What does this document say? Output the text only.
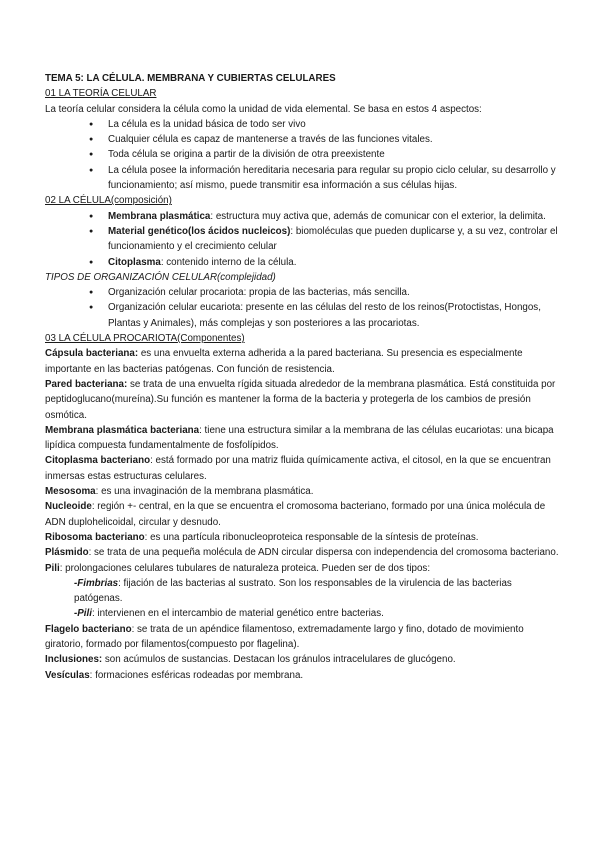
TEMA 5: LA CÉLULA. MEMBRANA Y CUBIERTAS CELULARES

01 LA TEORÍA CELULAR

La teoría celular considera la célula como la unidad de vida elemental. Se basa en estos 4 aspectos:

● La célula es la unidad básica de todo ser vivo
● Cualquier célula es capaz de mantenerse a través de las funciones vitales.
● Toda célula se origina a partir de la división de otra preexistente
● La célula posee la información hereditaria necesaria para regular su propio ciclo celular, su desarrollo y funcionamiento; así mismo, puede transmitir esa información a sus células hijas.

02 LA CÉLULA(composición)

● Membrana plasmática: estructura muy activa que, además de comunicar con el exterior, la delimita.
● Material genético(los ácidos nucleicos): biomoléculas que pueden duplicarse y, a su vez, controlar el funcionamiento y el crecimiento celular
● Citoplasma: contenido interno de la célula.

TIPOS DE ORGANIZACIÓN CELULAR(complejidad)

● Organización celular procariota: propia de las bacterias, más sencilla.
● Organización celular eucariota: presente en las células del resto de los reinos(Protoctistas, Hongos, Plantas y Animales), más complejas y son posteriores a las procariotas.

03 LA CÉLULA PROCARIOTA(Componentes)

Cápsula bacteriana: es una envuelta externa adherida a la pared bacteriana. Su presencia es especialmente importante en las bacterias patógenas. Con función de resistencia.

Pared bacteriana: se trata de una envuelta rígida situada alrededor de la membrana plasmática. Está constituida por peptidoglucano(mureína).Su función es mantener la forma de la bacteria y protegerla de los cambios de presión osmótica.

Membrana plasmática bacteriana: tiene una estructura similar a la membrana de las células eucariotas: una bicapa lipídica compuesta fundamentalmente de fosfolípidos.

Citoplasma bacteriano: está formado por una matriz fluida químicamente activa, el citosol, en la que se encuentran inmersas estas estructuras celulares.

Mesosoma: es una invaginación de la membrana plasmática.

Nucleoide: región +- central, en la que se encuentra el cromosoma bacteriano, formado por una única molécula de ADN duplohelicoidal, circular y desnudo.

Ribosoma bacteriano: es una partícula ribonucleoproteica responsable de la síntesis de proteínas.

Plásmido: se trata de una pequeña molécula de ADN circular dispersa con independencia del cromosoma bacteriano.

Pili: prolongaciones celulares tubulares de naturaleza proteica. Pueden ser de dos tipos:

-Fimbrias: fijación de las bacterias al sustrato. Son los responsables de la virulencia de las bacterias patógenas.

-Pili: intervienen en el intercambio de material genético entre bacterias.

Flagelo bacteriano: se trata de un apéndice filamentoso, extremadamente largo y fino, dotado de movimiento giratorio, formado por filamentos(compuesto por flagelina).

Inclusiones: son acúmulos de sustancias. Destacan los gránulos intracelulares de glucógeno.

Vesículas: formaciones esféricas rodeadas por membrana.
